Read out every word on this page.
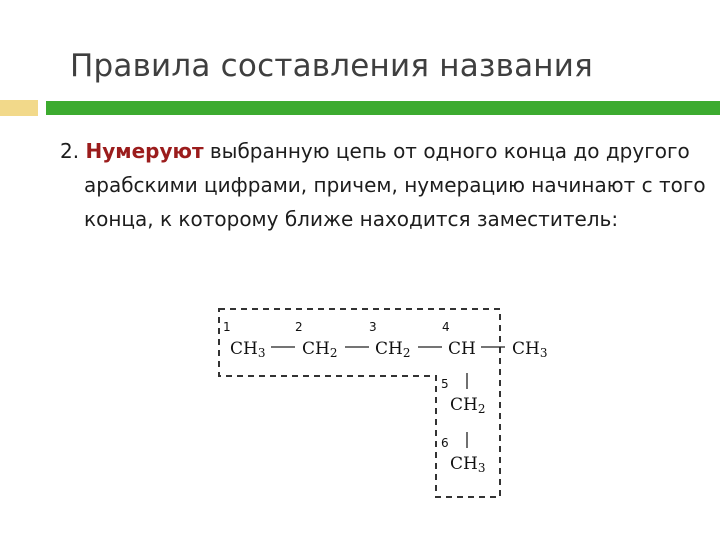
Правила составления названия
2. Нумеруют выбранную цепь от одного конца до другого арабскими цифрами, причем, нумерацию начинают с того конца, к которому ближе находится заместитель:
1	2	3	4
5
6
CH3 CH2 CH2 CH CH3
CH2
CH3
